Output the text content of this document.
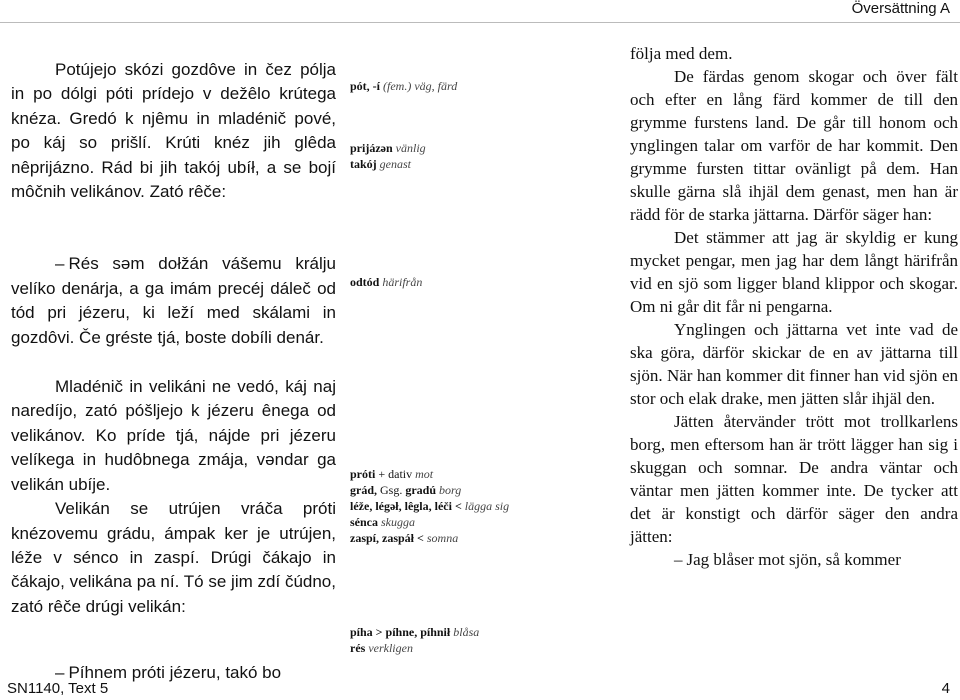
Översättning A

Potújejo skózi gozdôve in čez pólja in po dólgi póti prídejo v dežêlo krútega knéza. Gredó k njêmu in mladénič pové, po káj so prišlí. Krúti knéz jih glêda nêprijázno. Rád bi jih takój ubíł, a se bojí môčnih velikánov. Zató rêče:

– Rés səm dołžán vášemu králju velíko denárja, a ga imám precéj dáleč od tód pri jézeru, ki leží med skálami in gozdôvi. Če gréste tjá, boste dobíli denár.

Mladénič in velikáni ne vedó, káj naj naredíjo, zató póšljejo k jézeru ênega od velikánov. Ko príde tjá, nájde pri jézeru velíkega in hudôbnega zmája, vəndar ga velikán ubíje.

Velikán se utrújen vráča próti knézovemu grádu, ámpak ker je utrújen, léže v sénco in zaspí. Drúgi čákajo in čákajo, velikána pa ní. Tó se jim zdí čúdno, zató rêče drúgi velikán:

– Píhnem próti jézeru, takó bo

pót, -í (fem.) väg, färd
prijázən vänlig
takój genast
odtód härifrån
próti + dativ mot
grád, Gsg. gradú borg
léže, légəł, lêgla, léči < lägga sig
sénca skugga
zaspí, zaspáł < somna
píha > píhne, píhnił blåsa
rés verkligen

följa med dem.

De färdas genom skogar och över fält och efter en lång färd kommer de till den grymme furstens land. De går till honom och ynglingen talar om varför de har kommit. Den grymme fursten tittar ovänligt på dem. Han skulle gärna slå ihjäl dem genast, men han är rädd för de starka jättarna. Därför säger han:

Det stämmer att jag är skyldig er kung mycket pengar, men jag har dem långt härifrån vid en sjö som ligger bland klippor och skogar. Om ni går dit får ni pengarna.

Ynglingen och jättarna vet inte vad de ska göra, därför skickar de en av jättarna till sjön. När han kommer dit finner han vid sjön en stor och elak drake, men jätten slår ihjäl den.

Jätten återvänder trött mot trollkarlens borg, men eftersom han är trött lägger han sig i skuggan och somnar. De andra väntar och väntar men jätten kommer inte. De tycker att det är konstigt och därför säger den andra jätten:

– Jag blåser mot sjön, så kommer

SN1140, Text 5	4
